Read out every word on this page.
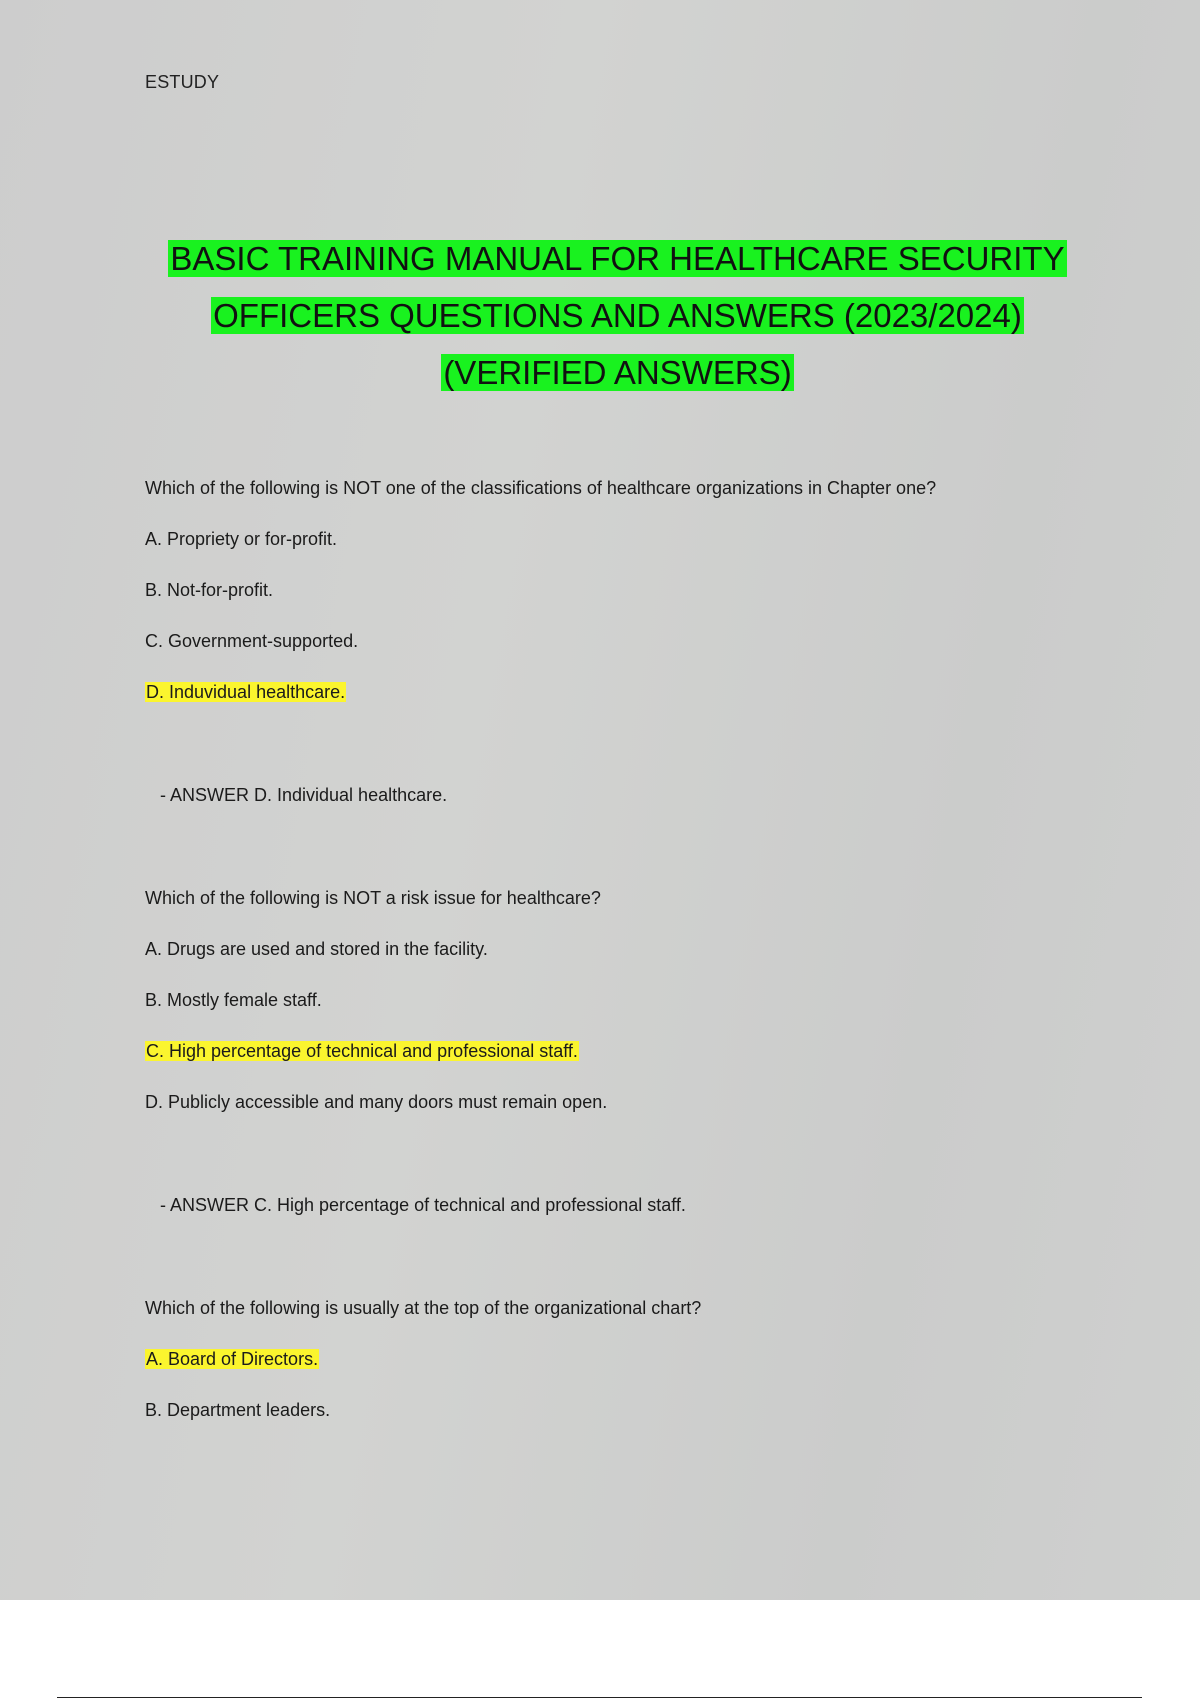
ESTUDY
BASIC TRAINING MANUAL FOR HEALTHCARE SECURITY
OFFICERS QUESTIONS AND ANSWERS (2023/2024)
(VERIFIED ANSWERS)
Which of the following is NOT one of the classifications of healthcare organizations in Chapter one?
A. Propriety or for-profit.
B. Not-for-profit.
C. Government-supported.
D. Induvidual healthcare.
- ANSWER D. Individual healthcare.
Which of the following is NOT a risk issue for healthcare?
A. Drugs are used and stored in the facility.
B. Mostly female staff.
C. High percentage of technical and professional staff.
D. Publicly accessible and many doors must remain open.
- ANSWER C. High percentage of technical and professional staff.
Which of the following is usually at the top of the organizational chart?
A. Board of Directors.
B. Department leaders.
